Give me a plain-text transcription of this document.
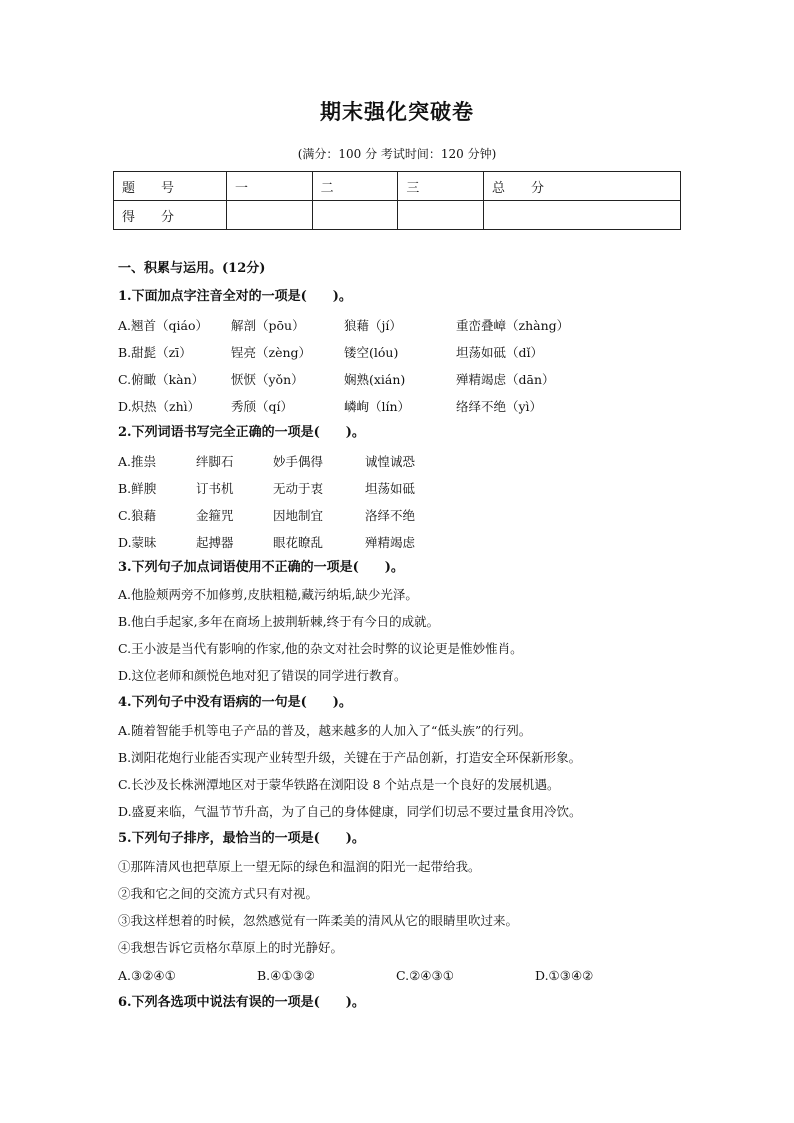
期末强化突破卷
(满分：100 分 考试时间：120 分钟)
题　　号	一	二	三	总　　分
得　　分				
一、积累与运用。(12分)
1.下面加点字注音全对的一项是(　　)。
A.翘首（qiáo） 解剖（pōu）	狼藉（jí）	重峦叠嶂（zhàng）
B.甜髭（zī）	锃亮（zèng）	镂空(lóu)	坦荡如砥（dǐ）
C.俯瞰（kàn） 恹恹（yǒn）	娴熟(xián)	殚精竭虑（dān）
D.炽热（zhì） 秀颀（qí）	嶙峋（lín）	络绎不绝（yì）
2.下列词语书写完全正确的一项是(　　)。
A.推祟	绊脚石	妙手偶得	诚惶诚恐
B.鲜腴	订书机	无动于衷	坦荡如砥
C.狼藉	金箍咒	因地制宜	洛绎不绝
D.蒙昧	起搏器	眼花瞭乱	殚精竭虑
3.下列句子加点词语使用不正确的一项是(　　)。
A.他脸颊两旁不加修剪,皮肤粗糙,藏污纳垢,缺少光泽。
B.他白手起家,多年在商场上披荆斩棘,终于有今日的成就。
C.王小波是当代有影响的作家,他的杂文对社会时弊的议论更是惟妙惟肖。
D.这位老师和颜悦色地对犯了错误的同学进行教育。
4.下列句子中没有语病的一句是(　　)。
A.随着智能手机等电子产品的普及，越来越多的人加入了“低头族”的行列。
B.浏阳花炮行业能否实现产业转型升级，关键在于产品创新，打造安全环保新形象。
C.长沙及长株洲潭地区对于蒙华铁路在浏阳设 8 个站点是一个良好的发展机遇。
D.盛夏来临，气温节节升高，为了自己的身体健康，同学们切忌不要过量食用冷饮。
5.下列句子排序，最恰当的一项是(　　)。
①那阵清风也把草原上一望无际的绿色和温润的阳光一起带给我。
②我和它之间的交流方式只有对视。
③我这样想着的时候，忽然感觉有一阵柔美的清风从它的眼睛里吹过来。
④我想告诉它贡格尔草原上的时光静好。
A.③②④①	B.④①③②	C.②④③①	D.①③④②
6.下列各选项中说法有误的一项是(　　)。
